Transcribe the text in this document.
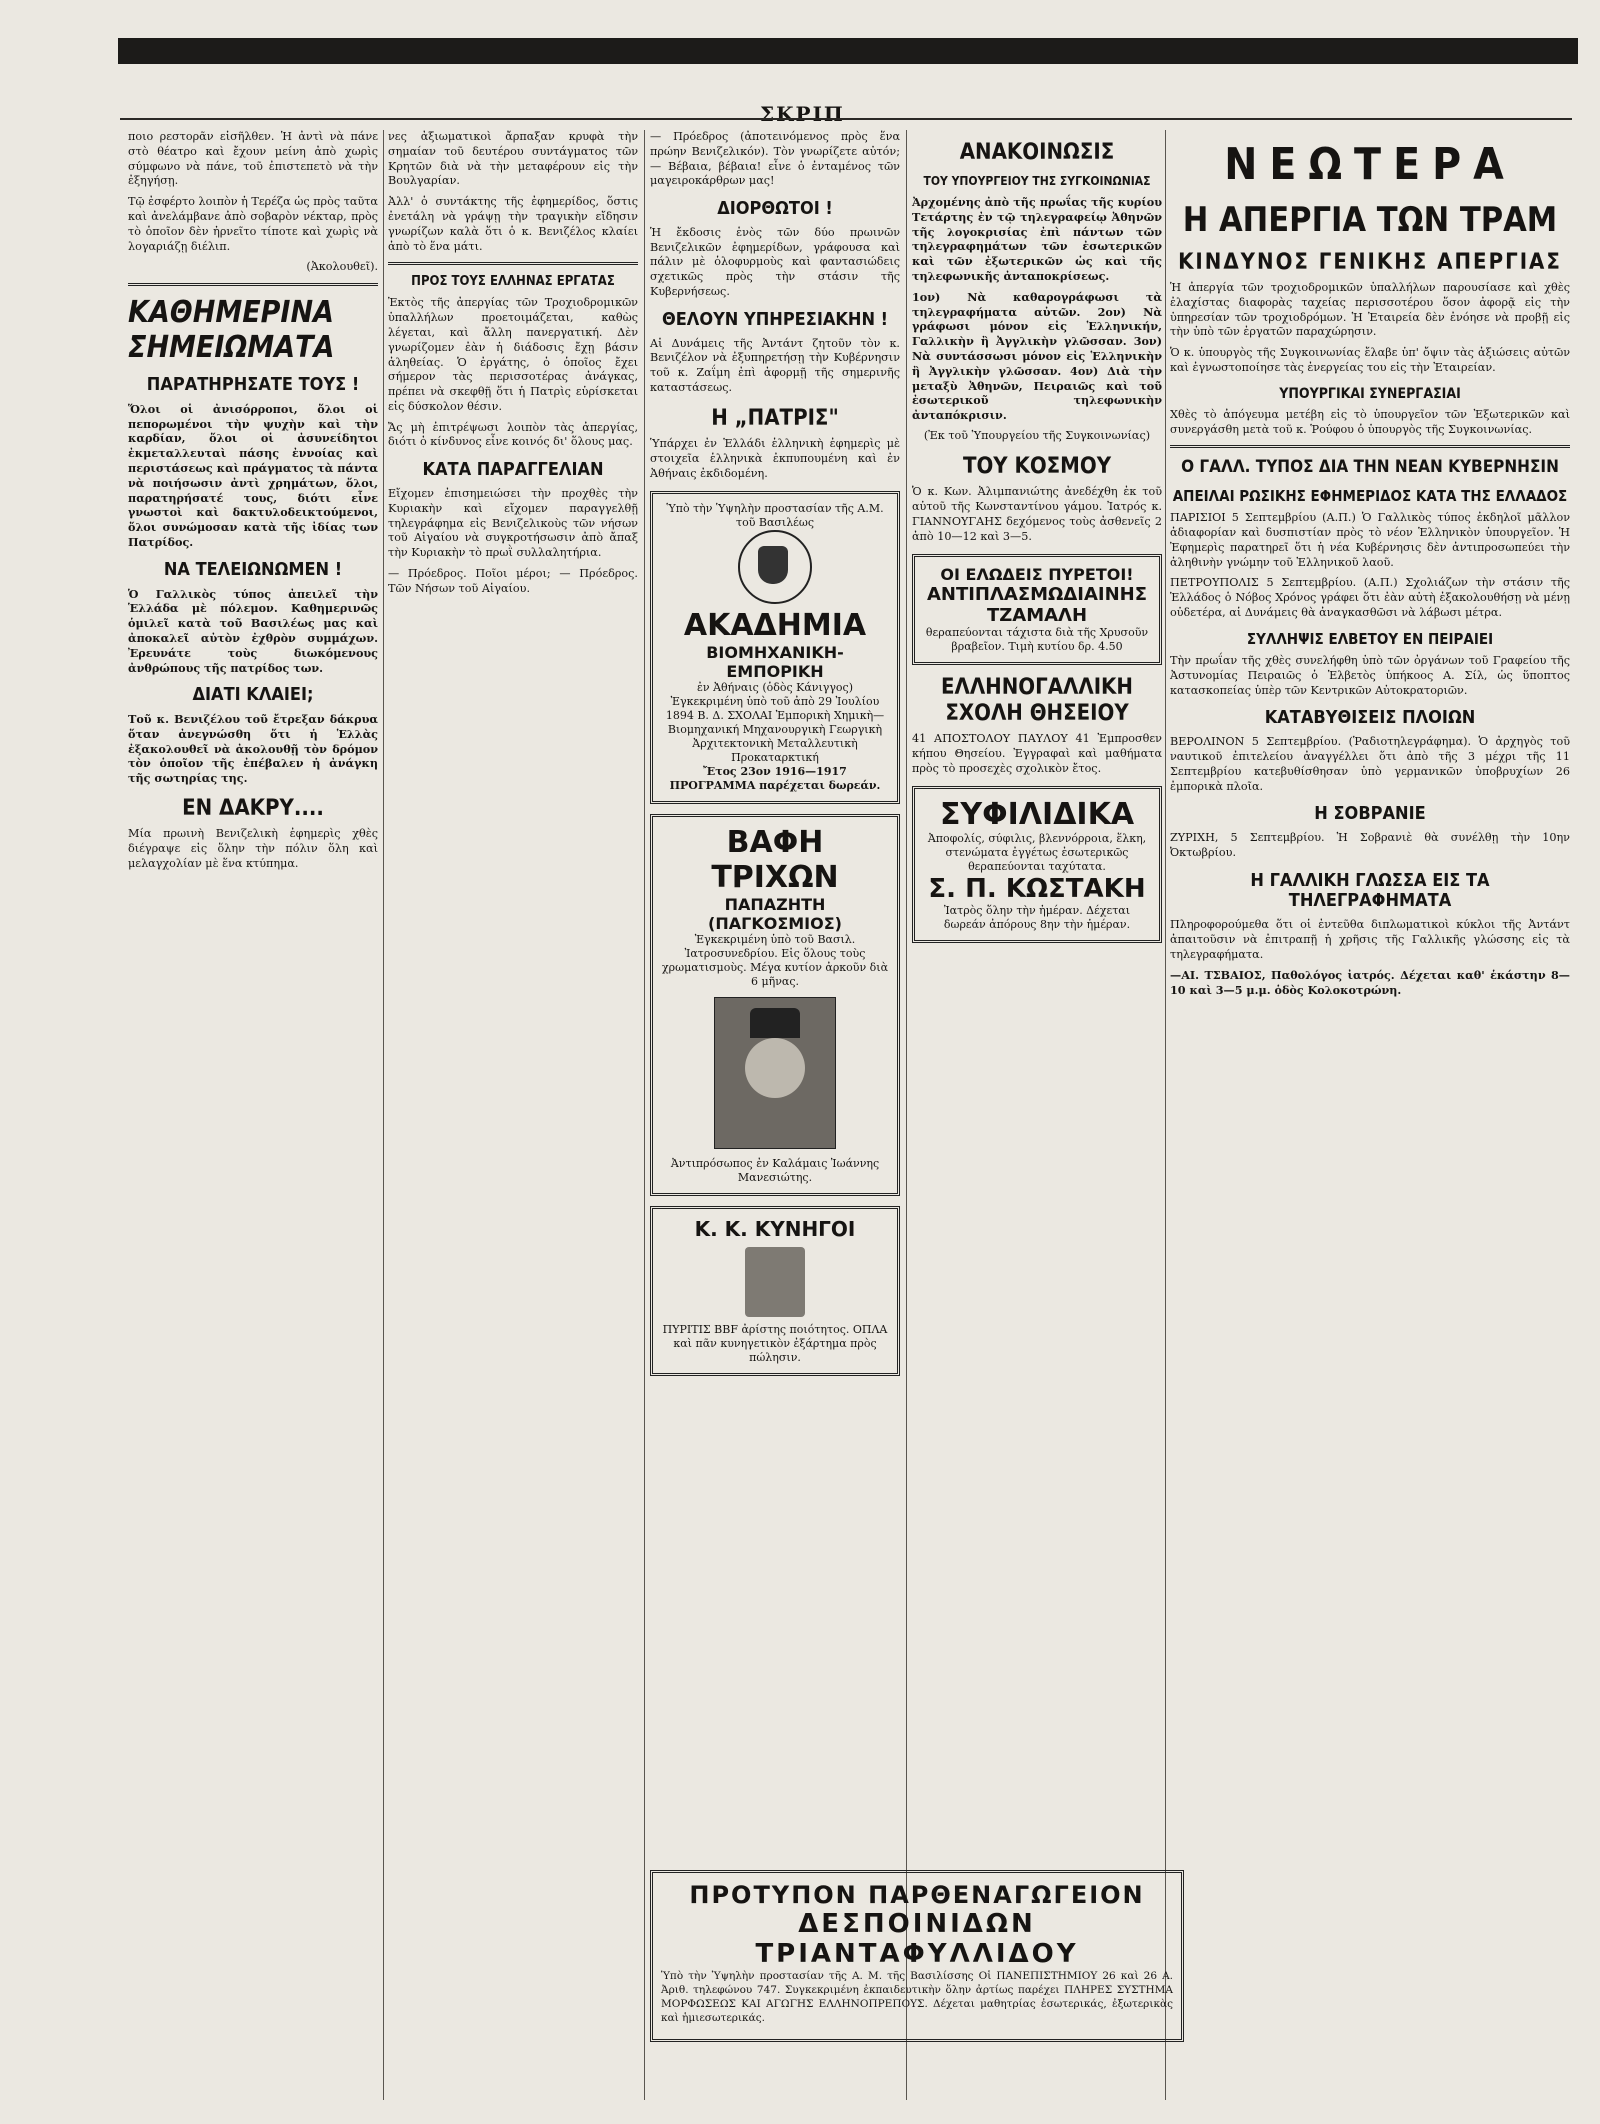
ΣΚΡΙΠ

ποιο ρεστορᾶν εἰσῆλθεν. Ἡ ἀντὶ νὰ πάνε στὸ θέατρο καὶ ἔχουν μείνη ἀπὸ χωρὶς σύμφωνο νὰ πάνε, τοῦ ἐπιστεπετὸ νὰ τὴν ἐξηγήσῃ.

Τῷ ἐσφέρτο λοιπὸν ἡ Τερέζα ὡς πρὸς ταῦτα καὶ ἀνελάμβανε ἀπὸ σοβαρὸν νέκταρ, πρὸς τὸ ὁποῖον δὲν ἠρνεῖτο τίποτε καὶ χωρὶς νὰ λογαριάζῃ διέλιπ.

(Ἀκολουθεῖ).

ΚΑΘΗΜΕΡΙΝΑ ΣΗΜΕΙΩΜΑΤΑ
ΠΑΡΑΤΗΡΗΣΑΤΕ ΤΟΥΣ !

Ὅλοι οἱ ἀνισόρροποι, ὅλοι οἱ πεπορωμένοι τὴν ψυχὴν καὶ τὴν καρδίαν, ὅλοι οἱ ἀσυνείδητοι ἐκμεταλλευταὶ πάσης ἐννοίας καὶ περιστάσεως καὶ πράγματος τὰ πάντα νὰ ποιήσωσιν ἀντὶ χρημάτων, ὅλοι, παρατηρήσατέ τους, διότι εἶνε γνωστοὶ καὶ δακτυλοδεικτούμενοι, ὅλοι συνώμοσαν κατὰ τῆς ἰδίας των Πατρίδος.

ΝΑ ΤΕΛΕΙΩΝΩΜΕΝ !

Ὁ Γαλλικὸς τύπος ἀπειλεῖ τὴν Ἑλλάδα μὲ πόλεμον. Καθημερινῶς ὁμιλεῖ κατὰ τοῦ Βασιλέως μας καὶ ἀποκαλεῖ αὐτὸν ἐχθρὸν συμμάχων. Ἐρευνάτε τοὺς διωκόμενους ἀνθρώπους τῆς πατρίδος των.

ΔΙΑΤΙ ΚΛΑΙΕΙ;

Τοῦ κ. Βενιζέλου τοῦ ἔτρεξαν δάκρυα ὅταν ἀνεγνώσθη ὅτι ἡ Ἑλλὰς ἐξακολουθεῖ νὰ ἀκολουθῇ τὸν δρόμον τὸν ὁποῖον τῆς ἐπέβαλεν ἡ ἀνάγκη τῆς σωτηρίας της.

ΕΝ ΔΑΚΡΥ....

Μία πρωινὴ Βενιζελικὴ ἐφημερὶς χθὲς διέγραψε εἰς ὅλην τὴν πόλιν ὅλη καὶ μελαγχολίαν μὲ ἕνα κτύπημα.

νες ἀξιωματικοὶ ἄρπαξαν κρυφὰ τὴν σημαίαν τοῦ δευτέρου συντάγματος τῶν Κρητῶν διὰ νὰ τὴν μεταφέρουν εἰς τὴν Βουλγαρίαν.

Ἀλλ' ὁ συντάκτης τῆς ἐφημερίδος, ὅστις ἐνετάλη νὰ γράψῃ τὴν τραγικὴν εἴδησιν γνωρίζων καλὰ ὅτι ὁ κ. Βενιζέλος κλαίει ἀπὸ τὸ ἕνα μάτι.

ΠΡΟΣ ΤΟΥΣ ΕΛΛΗΝΑΣ ΕΡΓΑΤΑΣ

Ἐκτὸς τῆς ἀπεργίας τῶν Τροχιοδρομικῶν ὑπαλλήλων προετοιμάζεται, καθὼς λέγεται, καὶ ἄλλη πανεργατική. Δὲν γνωρίζομεν ἐὰν ἡ διάδοσις ἔχῃ βάσιν ἀληθείας. Ὁ ἐργάτης, ὁ ὁποῖος ἔχει σήμερον τὰς περισσοτέρας ἀνάγκας, πρέπει νὰ σκεφθῇ ὅτι ἡ Πατρὶς εὑρίσκεται εἰς δύσκολον θέσιν.

Ἄς μὴ ἐπιτρέψωσι λοιπὸν τὰς ἀπεργίας, διότι ὁ κίνδυνος εἶνε κοινός δι' ὅλους μας.

ΚΑΤΑ ΠΑΡΑΓΓΕΛΙΑΝ

Εἴχομεν ἐπισημειώσει τὴν προχθὲς τὴν Κυριακὴν καὶ εἴχομεν παραγγελθῇ τηλεγράφημα εἰς Βενιζελικοὺς τῶν νήσων τοῦ Αἰγαίου νὰ συγκροτήσωσιν ἀπὸ ἄπαξ τὴν Κυριακὴν τὸ πρωῒ συλλαλητήρια.

— Πρόεδρος. Ποῖοι μέροι; — Πρόεδρος. Τῶν Νήσων τοῦ Αἰγαίου.

— Πρόεδρος (ἀποτεινόμενος πρὸς ἕνα πρώην Βενιζελικόν). Τὸν γνωρίζετε αὐτόν; — Βέβαια, βέβαια! εἶνε ὁ ἐνταμένος τῶν μαγειροκάρθρων μας!

ΔΙΟΡΘΩΤΟΙ !

Ἡ ἔκδοσις ἑνὸς τῶν δύο πρωινῶν Βενιζελικῶν ἐφημερίδων, γράφουσα καὶ πάλιν μὲ ὁλοφυρμοὺς καὶ φαντασιώδεις σχετικῶς πρὸς τὴν στάσιν τῆς Κυβερνήσεως.

ΘΕΛΟΥΝ ΥΠΗΡΕΣΙΑΚΗΝ !

Αἱ Δυνάμεις τῆς Ἀντάντ ζητοῦν τὸν κ. Βενιζέλον νὰ ἐξυπηρετήσῃ τὴν Κυβέρνησιν τοῦ κ. Ζαΐμη ἐπὶ ἀφορμῇ τῆς σημερινῆς καταστάσεως.

Η „ΠΑΤΡΙΣ"

Ὑπάρχει ἐν Ἑλλάδι ἑλληνικὴ ἐφημερὶς μὲ στοιχεῖα ἑλληνικὰ ἐκπυπουμένη καὶ ἐν Ἀθήναις ἐκδιδομένη.

Ὑπὸ τὴν Ὑψηλὴν προστασίαν τῆς Α.Μ. τοῦ Βασιλέως
ΑΚΑΔΗΜΙΑ
ΒΙΟΜΗΧΑΝΙΚΗ-ΕΜΠΟΡΙΚΗ
ἐν Ἀθήναις (ὁδὸς Κάνιγγος) Ἐγκεκριμένη ὑπὸ τοῦ ἀπὸ 29 Ἰουλίου 1894 Β. Δ. ΣΧΟΛΑΙ Ἐμπορικὴ Χημικὴ—Βιομηχανική Μηχανουργικὴ Γεωργικὴ Ἀρχιτεκτονικὴ Μεταλλευτικὴ Προκαταρκτική
Ἔτος 23ον 1916—1917 ΠΡΟΓΡΑΜΜΑ παρέχεται δωρεάν.
ΒΑΦΗ ΤΡΙΧΩΝ
ΠΑΠΑΖΗΤΗ (ΠΑΓΚΟΣΜΙΟΣ)
Ἐγκεκριμένη ὑπὸ τοῦ Βασιλ. Ἰατροσυνεδρίου. Εἰς ὅλους τοὺς χρωματισμοὺς. Μέγα κυτίον ἀρκοῦν διὰ 6 μῆνας.
Ἀντιπρόσωπος ἐν Καλάμαις Ἰωάννης Μανεσιώτης.
Κ. Κ. ΚΥΝΗΓΟΙ
ΠΥΡΙΤΙΣ BBF ἀρίστης ποιότητος. ΟΠΛΑ καὶ πᾶν κυνηγετικὸν ἐξάρτημα πρὸς πώλησιν.
ΑΝΑΚΟΙΝΩΣΙΣ
ΤΟΥ ΥΠΟΥΡΓΕΙΟΥ ΤΗΣ ΣΥΓΚΟΙΝΩΝΙΑΣ

Ἀρχομένης ἀπὸ τῆς πρωΐας τῆς κυρίου Τετάρτης ἐν τῷ τηλεγραφείῳ Ἀθηνῶν τῆς λογοκρισίας ἐπὶ πάντων τῶν τηλεγραφημάτων τῶν ἐσωτερικῶν καὶ τῶν ἐξωτερικῶν ὡς καὶ τῆς τηλεφωνικῆς ἀνταποκρίσεως.

1ον) Νὰ καθαρογράφωσι τὰ τηλεγραφήματα αὐτῶν. 2ον) Νὰ γράφωσι μόνον εἰς Ἑλληνικήν, Γαλλικὴν ἢ Ἀγγλικὴν γλῶσσαν. 3ον) Νὰ συντάσσωσι μόνον εἰς Ἑλληνικὴν ἢ Ἀγγλικὴν γλῶσσαν. 4ον) Διὰ τὴν μεταξὺ Ἀθηνῶν, Πειραιῶς καὶ τοῦ ἐσωτερικοῦ τηλεφωνικὴν ἀνταπόκρισιν.

(Ἐκ τοῦ Ὑπουργείου τῆς Συγκοινωνίας)

ΤΟΥ ΚΟΣΜΟΥ

Ὁ κ. Κων. Ἀλιμπανιώτης ἀνεδέχθη ἐκ τοῦ αὐτοῦ τῆς Κωνσταντίνου γάμου. Ἰατρός κ. ΓΙΑΝΝΟΥΓΑΗΣ δεχόμενος τοὺς ἀσθενεῖς 2 ἀπὸ 10—12 καὶ 3—5.

ΟΙ ΕΛΩΔΕΙΣ ΠΥΡΕΤΟΙ!
ΑΝΤΙΠΛΑΣΜΩΔΙΑΙΝΗΣ ΤΖΑΜΑΛΗ
θεραπεύονται τάχιστα διὰ τῆς Χρυσοῦν βραβεῖον. Τιμὴ κυτίου δρ. 4.50
ΕΛΛΗΝΟΓΑΛΛΙΚΗ ΣΧΟΛΗ ΘΗΣΕΙΟΥ

41 ΑΠΟΣΤΟΛΟΥ ΠΑΥΛΟΥ 41 Ἐμπροσθεν κήπου Θησείου. Ἐγγραφαὶ καὶ μαθήματα πρὸς τὸ προσεχὲς σχολικὸν ἔτος.

ΣΥΦΙΛΙΔΙΚΑ
Ἀποφολίς, σύφιλις, βλεννόρροια, ἕλκη, στενώματα ἐγγέτως ἐσωτερικῶς θεραπεύονται ταχύτατα.
Σ. Π. ΚΩΣΤΑΚΗ
Ἰατρὸς ὅλην τὴν ἡμέραν. Δέχεται δωρεάν ἀπόρους 8ην τὴν ἡμέραν.
ΝΕΩΤΕΡΑ
Η ΑΠΕΡΓΙΑ ΤΩΝ ΤΡΑΜ
ΚΙΝΔΥΝΟΣ ΓΕΝΙΚΗΣ ΑΠΕΡΓΙΑΣ

Ἡ ἀπεργία τῶν τροχιοδρομικῶν ὑπαλλήλων παρουσίασε καὶ χθὲς ἐλαχίστας διαφορὰς ταχείας περισσοτέρου ὅσον ἀφορᾷ εἰς τὴν ὑπηρεσίαν τῶν τροχιοδρόμων. Ἡ Ἐταιρεία δὲν ἐνόησε νὰ προβῇ εἰς τὴν ὑπὸ τῶν ἐργατῶν παραχώρησιν.

Ὁ κ. ὑπουργὸς τῆς Συγκοινωνίας ἔλαβε ὑπ' ὄψιν τὰς ἀξιώσεις αὐτῶν καὶ ἐγνωστοποίησε τὰς ἐνεργείας του εἰς τὴν Ἐταιρείαν.

ΥΠΟΥΡΓΙΚΑΙ ΣΥΝΕΡΓΑΣΙΑΙ

Χθὲς τὸ ἀπόγευμα μετέβη εἰς τὸ ὑπουργεῖον τῶν Ἐξωτερικῶν καὶ συνεργάσθη μετὰ τοῦ κ. Ῥούφου ὁ ὑπουργὸς τῆς Συγκοινωνίας.

Ο ΓΑΛΛ. ΤΥΠΟΣ ΔΙΑ ΤΗΝ ΝΕΑΝ ΚΥΒΕΡΝΗΣΙΝ
ΑΠΕΙΛΑΙ ΡΩΣΙΚΗΣ ΕΦΗΜΕΡΙΔΟΣ ΚΑΤΑ ΤΗΣ ΕΛΛΑΔΟΣ

ΠΑΡΙΣΙΟΙ 5 Σεπτεμβρίου (Α.Π.) Ὁ Γαλλικὸς τύπος ἐκδηλοῖ μᾶλλον ἀδιαφορίαν καὶ δυσπιστίαν πρὸς τὸ νέον Ἑλληνικὸν ὑπουργεῖον. Ἡ Ἐφημερὶς παρατηρεῖ ὅτι ἡ νέα Κυβέρνησις δὲν ἀντιπροσωπεύει τὴν ἀληθινὴν γνώμην τοῦ Ἑλληνικοῦ λαοῦ.

ΠΕΤΡΟΥΠΟΛΙΣ 5 Σεπτεμβρίου. (Α.Π.) Σχολιάζων τὴν στάσιν τῆς Ἑλλάδος ὁ Νόβος Χρόνος γράφει ὅτι ἐὰν αὐτὴ ἐξακολουθήσῃ νὰ μένῃ οὐδετέρα, αἱ Δυνάμεις θὰ ἀναγκασθῶσι νὰ λάβωσι μέτρα.

ΣΥΛΛΗΨΙΣ ΕΛΒΕΤΟΥ ΕΝ ΠΕΙΡΑΙΕΙ

Τὴν πρωΐαν τῆς χθὲς συνελήφθη ὑπὸ τῶν ὀργάνων τοῦ Γραφείου τῆς Ἀστυνομίας Πειραιῶς ὁ Ἑλβετὸς ὑπήκοος Α. Σίλ, ὡς ὕποπτος κατασκοπείας ὑπὲρ τῶν Κεντρικῶν Αὐτοκρατοριῶν.

ΚΑΤΑΒΥΘΙΣΕΙΣ ΠΛΟΙΩΝ

ΒΕΡΟΛΙΝΟΝ 5 Σεπτεμβρίου. (Ῥαδιοτηλεγράφημα). Ὁ ἀρχηγὸς τοῦ ναυτικοῦ ἐπιτελείου ἀναγγέλλει ὅτι ἀπὸ τῆς 3 μέχρι τῆς 11 Σεπτεμβρίου κατεβυθίσθησαν ὑπὸ γερμανικῶν ὑποβρυχίων 26 ἐμπορικὰ πλοῖα.

Η ΣΟΒΡΑΝΙΕ

ΖΥΡΙΧΗ, 5 Σεπτεμβρίου. Ἡ Σοβρανιὲ θὰ συνέλθῃ τὴν 10ην Ὀκτωβρίου.

Η ΓΑΛΛΙΚΗ ΓΛΩΣΣΑ ΕΙΣ ΤΑ ΤΗΛΕΓΡΑΦΗΜΑΤΑ

Πληροφορούμεθα ὅτι οἱ ἐντεῦθα διπλωματικοὶ κύκλοι τῆς Ἀντάντ ἀπαιτοῦσιν νὰ ἐπιτραπῇ ἡ χρῆσις τῆς Γαλλικῆς γλώσσης εἰς τὰ τηλεγραφήματα.

—ΑΙ. ΤΣΒΑΙΟΣ, Παθολόγος ἰατρός. Δέχεται καθ' ἑκάστην 8—10 καὶ 3—5 μ.μ. ὁδὸς Κολοκοτρώνη.

ΠΡΟΤΥΠΟΝ ΠΑΡΘΕΝΑΓΩΓΕΙΟΝ
ΔΕΣΠΟΙΝΙΔΩΝ ΤΡΙΑΝΤΑΦΥΛΛΙΔΟΥ

Ὑπὸ τὴν Ὑψηλὴν προστασίαν τῆς Α. Μ. τῆς Βασιλίσσης Οἱ ΠΑΝΕΠΙΣΤΗΜΙΟΥ 26 καὶ 26 Α. Ἀριθ. τηλεφώνου 747. Συγκεκριμένη ἐκπαιδευτικὴν ὅλην ἀρτίως παρέχει ΠΛΗΡΕΣ ΣΥΣΤΗΜΑ ΜΟΡΦΩΣΕΩΣ ΚΑΙ ΑΓΩΓΗΣ ΕΛΛΗΝΟΠΡΕΠΟΥΣ. Δέχεται μαθητρίας ἐσωτερικάς, ἐξωτερικὰς καὶ ἡμιεσωτερικάς.
